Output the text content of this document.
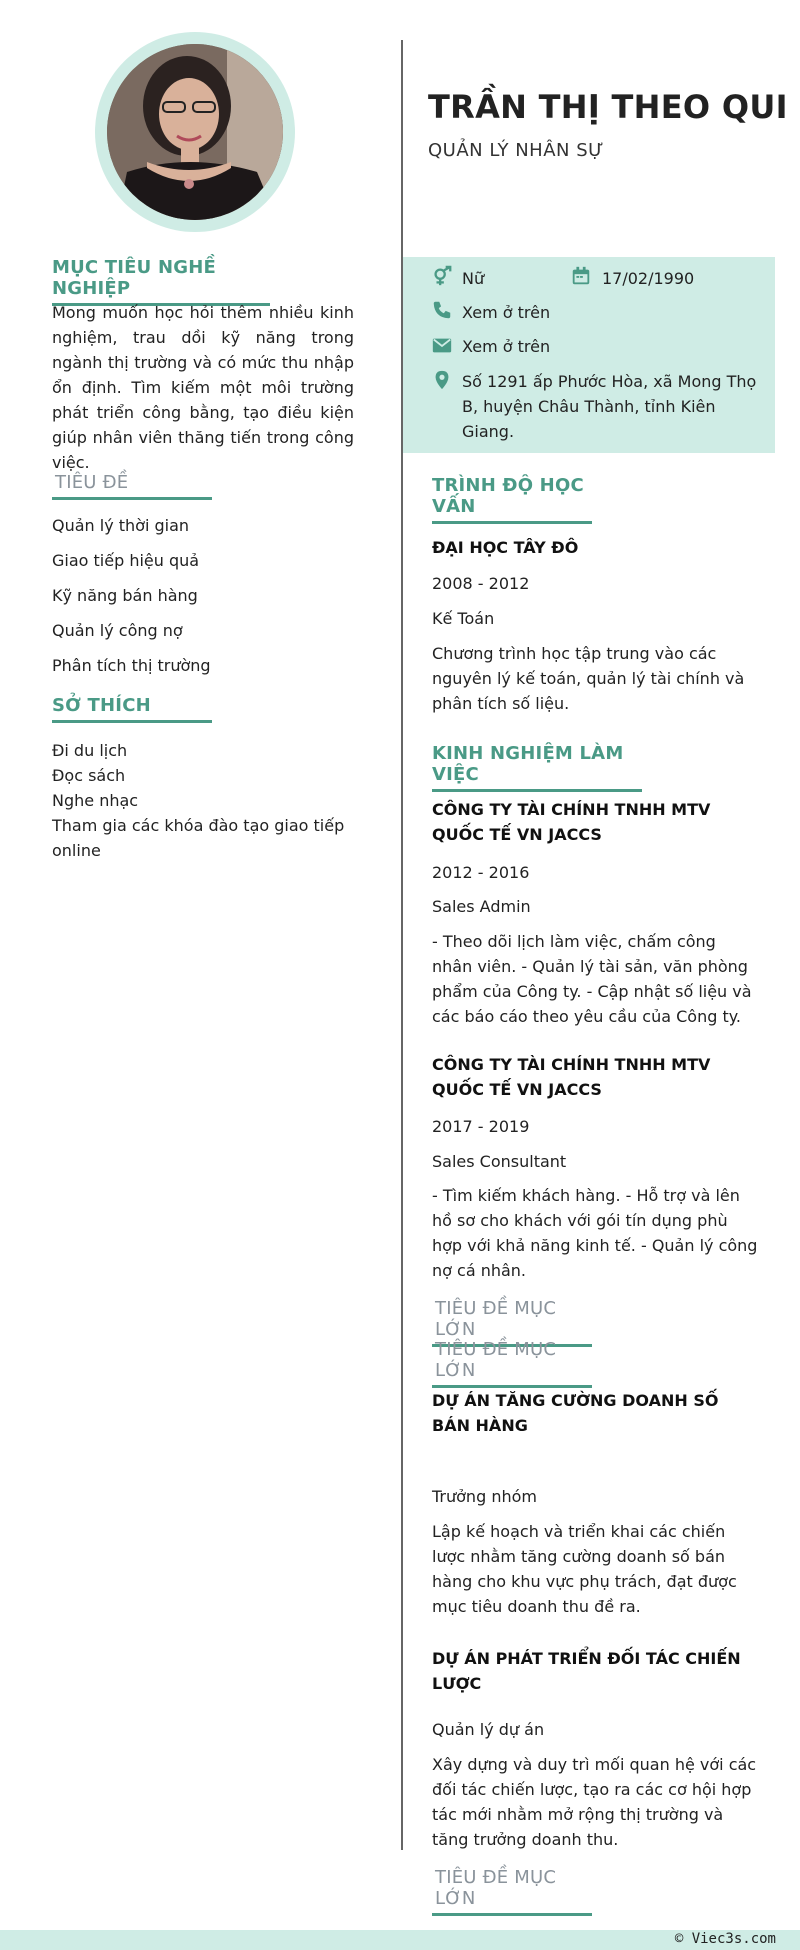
MỤC TIÊU NGHỀ NGHIỆP
Mong muốn học hỏi thêm nhiều kinh nghiệm, trau dồi kỹ năng trong ngành thị trường và có mức thu nhập ổn định. Tìm kiếm một môi trường phát triển công bằng, tạo điều kiện giúp nhân viên thăng tiến trong công việc.
TIÊU ĐỀ
Quản lý thời gian
Giao tiếp hiệu quả
Kỹ năng bán hàng
Quản lý công nợ
Phân tích thị trường
SỞ THÍCH
Đi du lịch
Đọc sách
Nghe nhạc
Tham gia các khóa đào tạo giao tiếp online
TRẦN THỊ THEO QUI
QUẢN LÝ NHÂN SỰ
Nữ	17/02/1990
Xem ở trên
Xem ở trên
Số 1291 ấp Phước Hòa, xã Mong Thọ B, huyện Châu Thành, tỉnh Kiên Giang.
TRÌNH ĐỘ HỌC VẤN
ĐẠI HỌC TÂY ĐÔ
2008 - 2012
Kế Toán
Chương trình học tập trung vào các nguyên lý kế toán, quản lý tài chính và phân tích số liệu.
KINH NGHIỆM LÀM VIỆC
CÔNG TY TÀI CHÍNH TNHH MTV QUỐC TẾ VN JACCS
2012 - 2016
Sales Admin
- Theo dõi lịch làm việc, chấm công nhân viên. - Quản lý tài sản, văn phòng phẩm của Công ty. - Cập nhật số liệu và các báo cáo theo yêu cầu của Công ty.
CÔNG TY TÀI CHÍNH TNHH MTV QUỐC TẾ VN JACCS
2017 - 2019
Sales Consultant
- Tìm kiếm khách hàng. - Hỗ trợ và lên hồ sơ cho khách với gói tín dụng phù hợp với khả năng kinh tế. - Quản lý công nợ cá nhân.
TIÊU ĐỀ MỤC LỚN
TIÊU ĐỀ MỤC LỚN
DỰ ÁN TĂNG CƯỜNG DOANH SỐ BÁN HÀNG
Trưởng nhóm
Lập kế hoạch và triển khai các chiến lược nhằm tăng cường doanh số bán hàng cho khu vực phụ trách, đạt được mục tiêu doanh thu đề ra.
DỰ ÁN PHÁT TRIỂN ĐỐI TÁC CHIẾN LƯỢC
Quản lý dự án
Xây dựng và duy trì mối quan hệ với các đối tác chiến lược, tạo ra các cơ hội hợp tác mới nhằm mở rộng thị trường và tăng trưởng doanh thu.
TIÊU ĐỀ MỤC LỚN
© Viec3s.com
